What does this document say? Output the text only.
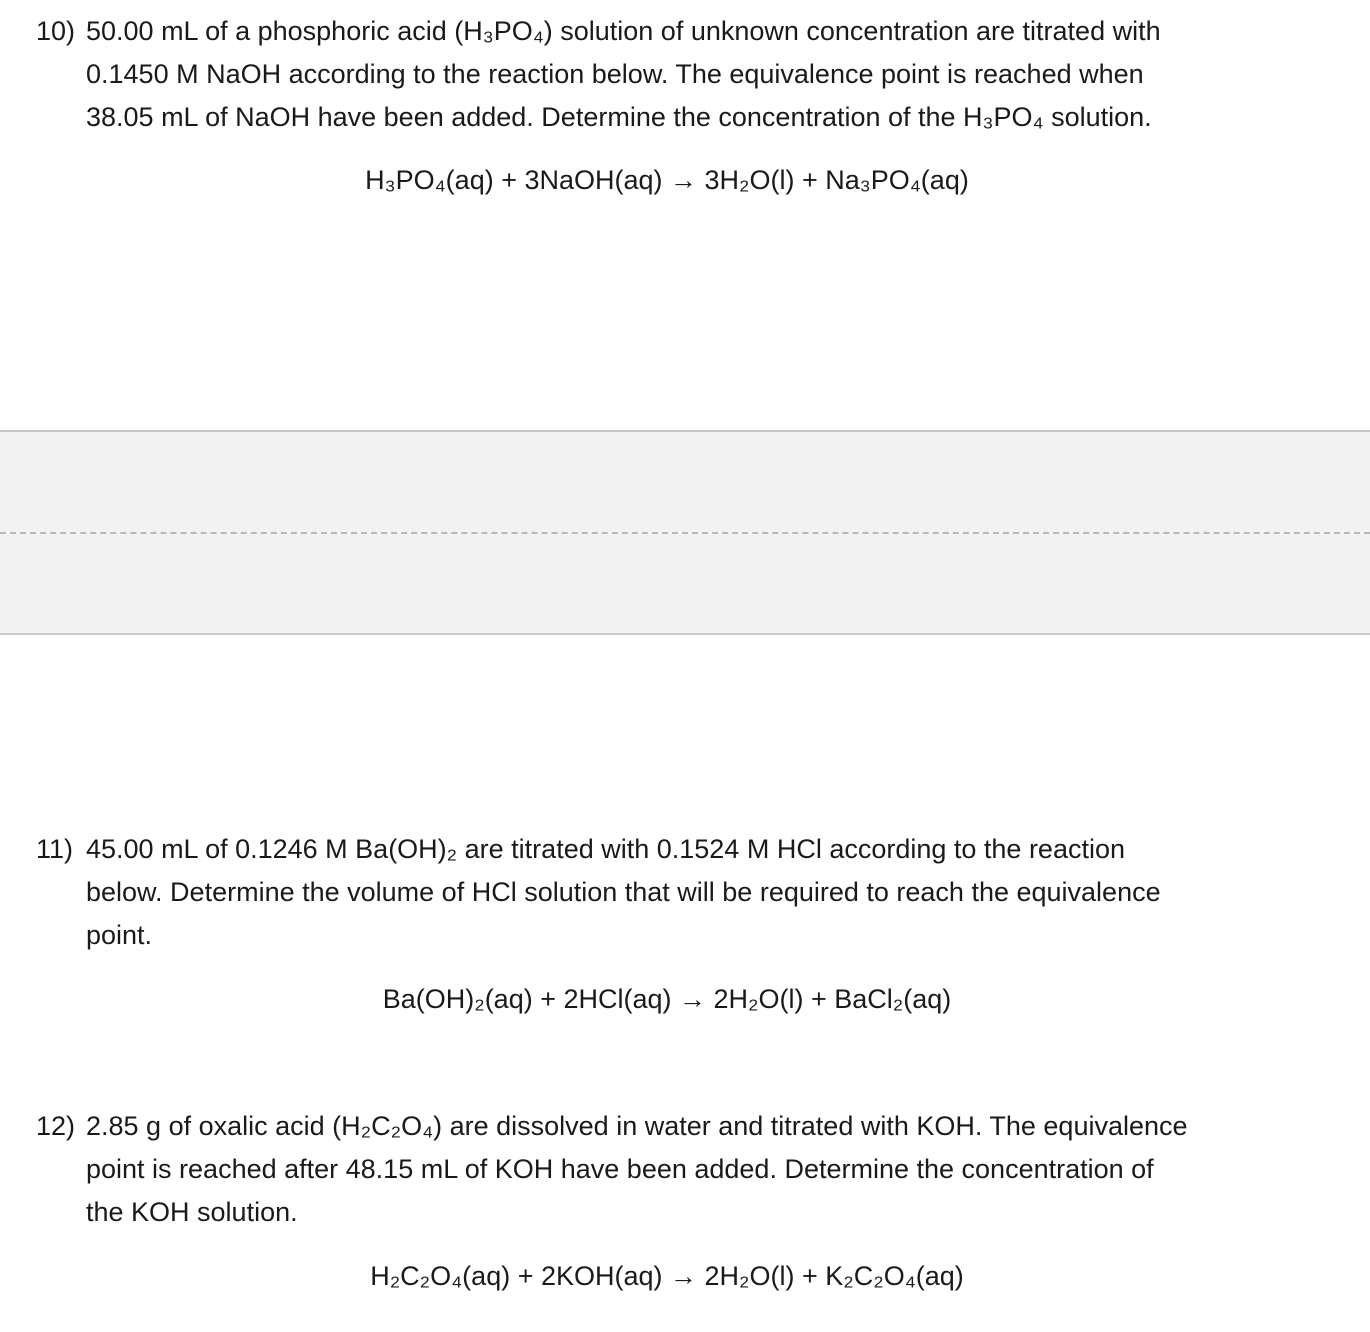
10) 50.00 mL of a phosphoric acid (H₃PO₄) solution of unknown concentration are titrated with
0.1450 M NaOH according to the reaction below. The equivalence point is reached when
38.05 mL of NaOH have been added. Determine the concentration of the H₃PO₄ solution.
H₃PO₄(aq) + 3NaOH(aq) → 3H₂O(l) + Na₃PO₄(aq)
11) 45.00 mL of 0.1246 M Ba(OH)₂ are titrated with 0.1524 M HCl according to the reaction
below. Determine the volume of HCl solution that will be required to reach the equivalence
point.
Ba(OH)₂(aq) + 2HCl(aq) → 2H₂O(l) + BaCl₂(aq)
12) 2.85 g of oxalic acid (H₂C₂O₄) are dissolved in water and titrated with KOH. The equivalence
point is reached after 48.15 mL of KOH have been added. Determine the concentration of
the KOH solution.
H₂C₂O₄(aq) + 2KOH(aq) → 2H₂O(l) + K₂C₂O₄(aq)
